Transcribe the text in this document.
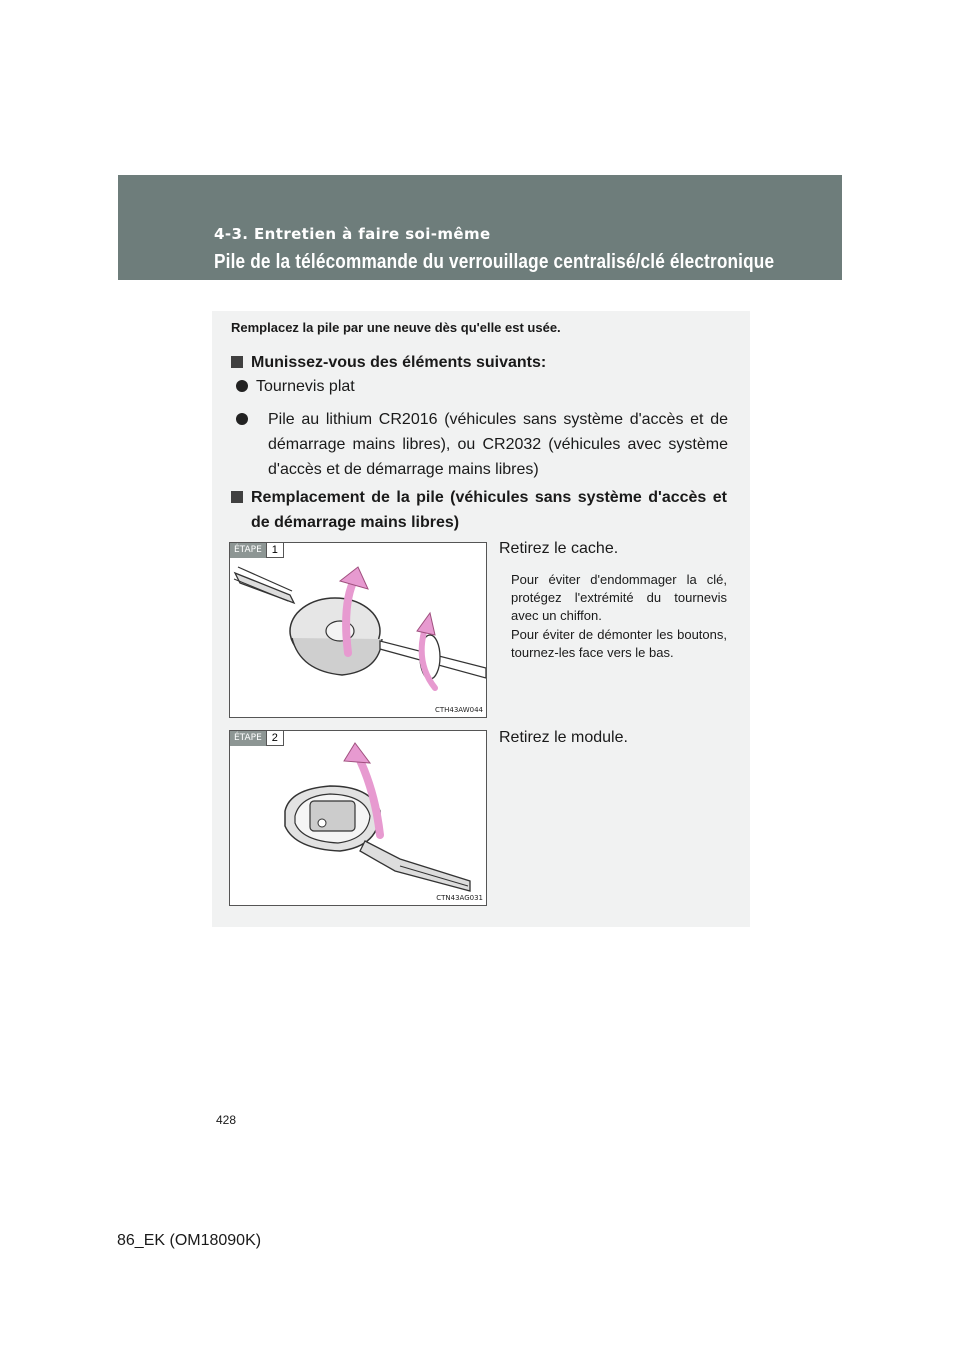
4-3. Entretien à faire soi-même
Pile de la télécommande du verrouillage centralisé/clé électronique
Remplacez la pile par une neuve dès qu'elle est usée.
Munissez-vous des éléments suivants:
Tournevis plat
Pile au lithium CR2016 (véhicules sans système d'accès et de démarrage mains libres), ou CR2032 (véhicules avec système d'accès et de démarrage mains libres)
Remplacement de la pile (véhicules sans système d'accès et de démarrage mains libres)
ÉTAPE 1
CTH43AW044
Retirez le cache.
Pour éviter d'endommager la clé, protégez l'extrémité du tournevis avec un chiffon.
Pour éviter de démonter les boutons, tournez-les face vers le bas.
ÉTAPE 2
CTN43AG031
Retirez le module.
428
86_EK (OM18090K)
